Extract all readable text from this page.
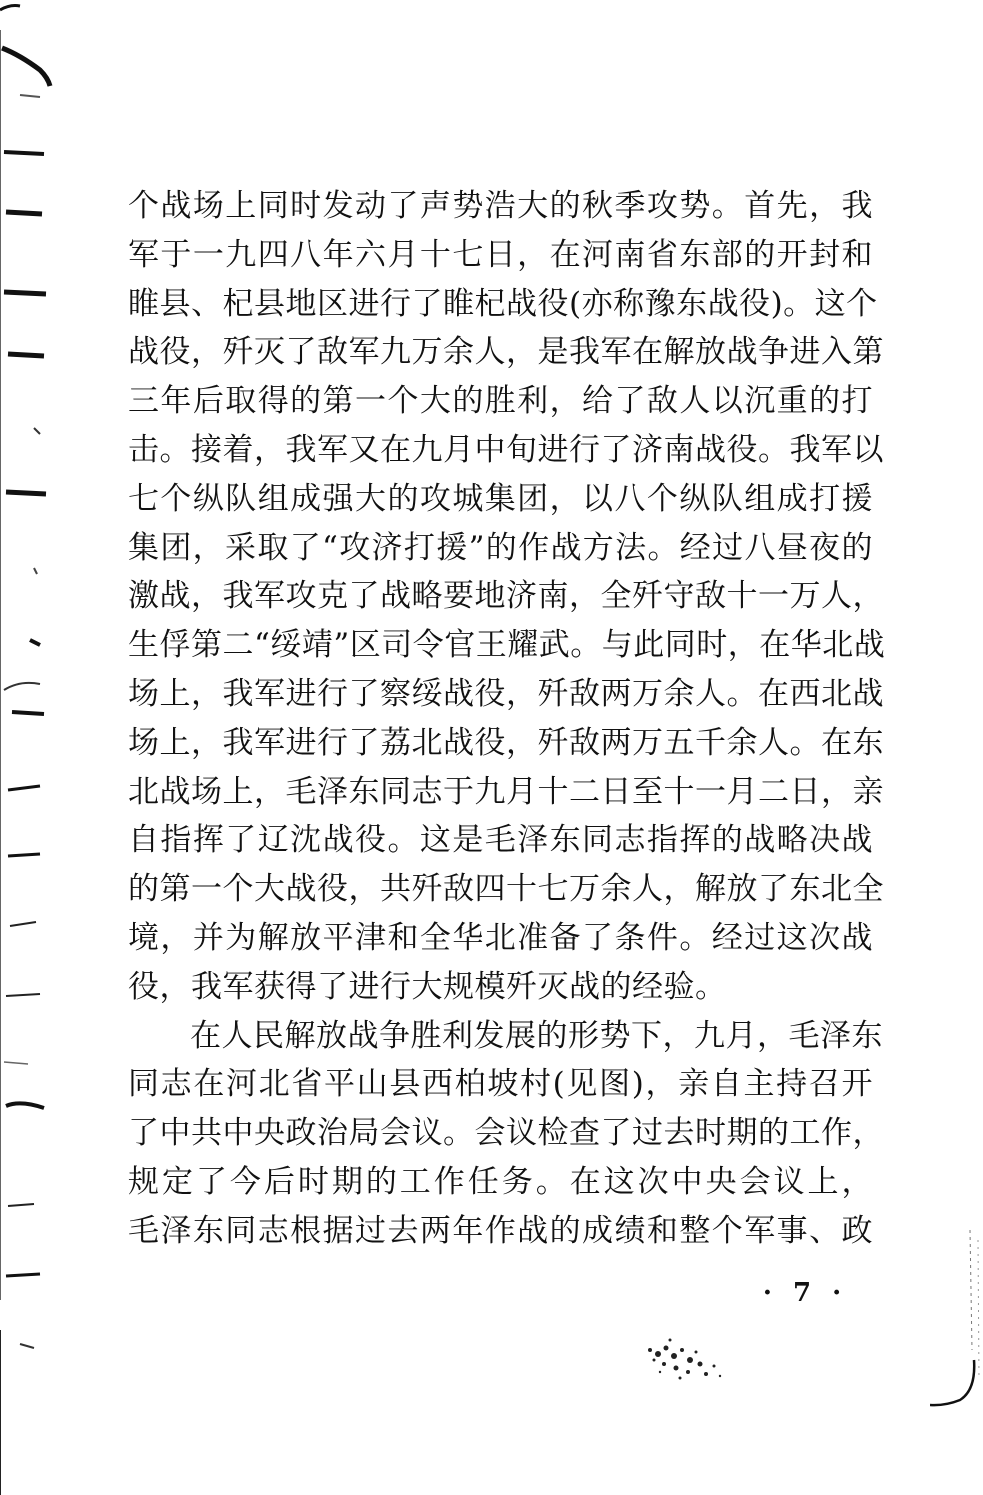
个战场上同时发动了声势浩大的秋季攻势。首先，我
军于一九四八年六月十七日，在河南省东部的开封和
睢县、杞县地区进行了睢杞战役(亦称豫东战役)。这个
战役，歼灭了敌军九万余人，是我军在解放战争进入第
三年后取得的第一个大的胜利，给了敌人以沉重的打
击。接着，我军又在九月中旬进行了济南战役。我军以
七个纵队组成强大的攻城集团，以八个纵队组成打援
集团，采取了“攻济打援”的作战方法。经过八昼夜的
激战，我军攻克了战略要地济南，全歼守敌十一万人，
生俘第二“绥靖”区司令官王耀武。与此同时，在华北战
场上，我军进行了察绥战役，歼敌两万余人。在西北战
场上，我军进行了荔北战役，歼敌两万五千余人。在东
北战场上，毛泽东同志于九月十二日至十一月二日，亲
自指挥了辽沈战役。这是毛泽东同志指挥的战略决战
的第一个大战役，共歼敌四十七万余人，解放了东北全
境，并为解放平津和全华北准备了条件。经过这次战
役，我军获得了进行大规模歼灭战的经验。
在人民解放战争胜利发展的形势下，九月，毛泽东
同志在河北省平山县西柏坡村(见图)，亲自主持召开
了中共中央政治局会议。会议检查了过去时期的工作，
规定了今后时期的工作任务。在这次中央会议上，
毛泽东同志根据过去两年作战的成绩和整个军事、政
· 7 ·
